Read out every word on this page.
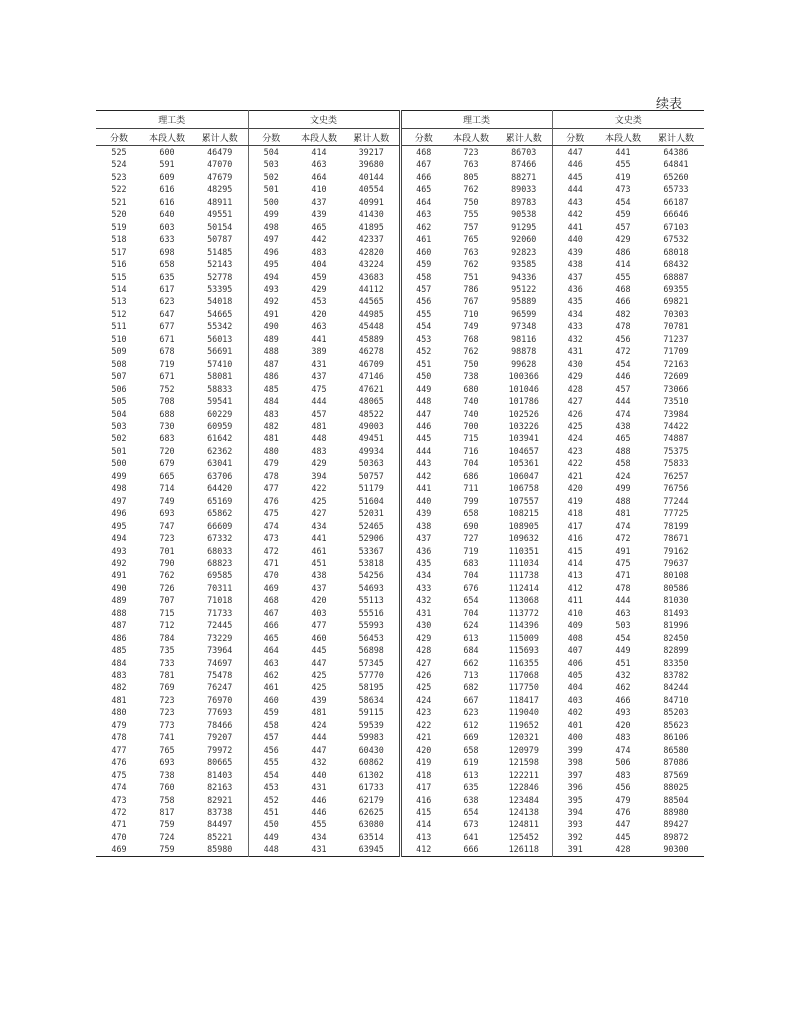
续表
理工类			文史类			理工类			文史类		
分数	本段人数	累计人数	分数	本段人数	累计人数	分数	本段人数	累计人数	分数	本段人数	累计人数
525	600	46479	504	414	39217	468	723	86703	447	441	64386
524	591	47070	503	463	39680	467	763	87466	446	455	64841
523	609	47679	502	464	40144	466	805	88271	445	419	65260
522	616	48295	501	410	40554	465	762	89033	444	473	65733
521	616	48911	500	437	40991	464	750	89783	443	454	66187
520	640	49551	499	439	41430	463	755	90538	442	459	66646
519	603	50154	498	465	41895	462	757	91295	441	457	67103
518	633	50787	497	442	42337	461	765	92060	440	429	67532
517	698	51485	496	483	42820	460	763	92823	439	486	68018
516	658	52143	495	404	43224	459	762	93585	438	414	68432
515	635	52778	494	459	43683	458	751	94336	437	455	68887
514	617	53395	493	429	44112	457	786	95122	436	468	69355
513	623	54018	492	453	44565	456	767	95889	435	466	69821
512	647	54665	491	420	44985	455	710	96599	434	482	70303
511	677	55342	490	463	45448	454	749	97348	433	478	70781
510	671	56013	489	441	45889	453	768	98116	432	456	71237
509	678	56691	488	389	46278	452	762	98878	431	472	71709
508	719	57410	487	431	46709	451	750	99628	430	454	72163
507	671	58081	486	437	47146	450	738	100366	429	446	72609
506	752	58833	485	475	47621	449	680	101046	428	457	73066
505	708	59541	484	444	48065	448	740	101786	427	444	73510
504	688	60229	483	457	48522	447	740	102526	426	474	73984
503	730	60959	482	481	49003	446	700	103226	425	438	74422
502	683	61642	481	448	49451	445	715	103941	424	465	74887
501	720	62362	480	483	49934	444	716	104657	423	488	75375
500	679	63041	479	429	50363	443	704	105361	422	458	75833
499	665	63706	478	394	50757	442	686	106047	421	424	76257
498	714	64420	477	422	51179	441	711	106758	420	499	76756
497	749	65169	476	425	51604	440	799	107557	419	488	77244
496	693	65862	475	427	52031	439	658	108215	418	481	77725
495	747	66609	474	434	52465	438	690	108905	417	474	78199
494	723	67332	473	441	52906	437	727	109632	416	472	78671
493	701	68033	472	461	53367	436	719	110351	415	491	79162
492	790	68823	471	451	53818	435	683	111034	414	475	79637
491	762	69585	470	438	54256	434	704	111738	413	471	80108
490	726	70311	469	437	54693	433	676	112414	412	478	80586
489	707	71018	468	420	55113	432	654	113068	411	444	81030
488	715	71733	467	403	55516	431	704	113772	410	463	81493
487	712	72445	466	477	55993	430	624	114396	409	503	81996
486	784	73229	465	460	56453	429	613	115009	408	454	82450
485	735	73964	464	445	56898	428	684	115693	407	449	82899
484	733	74697	463	447	57345	427	662	116355	406	451	83350
483	781	75478	462	425	57770	426	713	117068	405	432	83782
482	769	76247	461	425	58195	425	682	117750	404	462	84244
481	723	76970	460	439	58634	424	667	118417	403	466	84710
480	723	77693	459	481	59115	423	623	119040	402	493	85203
479	773	78466	458	424	59539	422	612	119652	401	420	85623
478	741	79207	457	444	59983	421	669	120321	400	483	86106
477	765	79972	456	447	60430	420	658	120979	399	474	86580
476	693	80665	455	432	60862	419	619	121598	398	506	87086
475	738	81403	454	440	61302	418	613	122211	397	483	87569
474	760	82163	453	431	61733	417	635	122846	396	456	88025
473	758	82921	452	446	62179	416	638	123484	395	479	88504
472	817	83738	451	446	62625	415	654	124138	394	476	88980
471	759	84497	450	455	63080	414	673	124811	393	447	89427
470	724	85221	449	434	63514	413	641	125452	392	445	89872
469	759	85980	448	431	63945	412	666	126118	391	428	90300
